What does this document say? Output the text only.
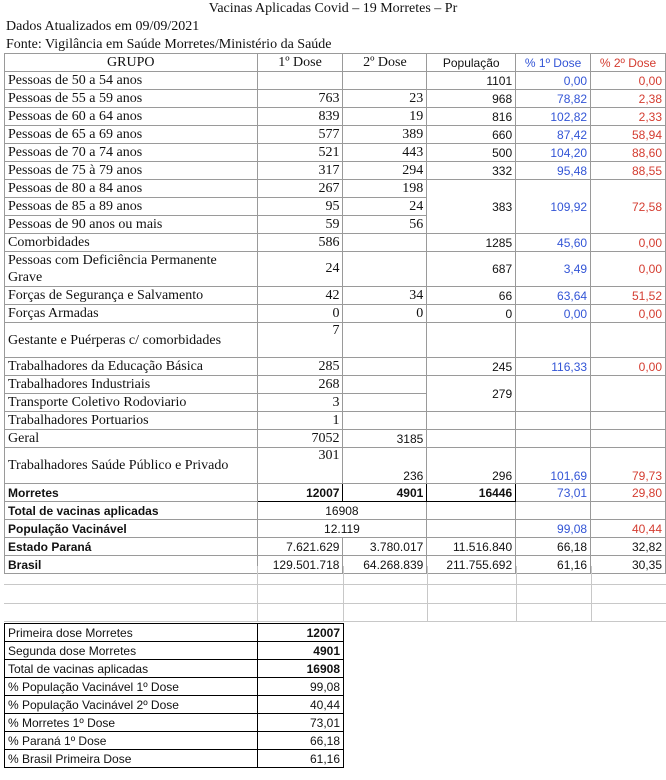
Vacinas Aplicadas Covid – 19 Morretes – Pr
Dados Atualizados em 09/09/2021
Fonte: Vigilância em Saúde Morretes/Ministério da Saúde
GRUPO	1º Dose	2º Dose	População	% 1º Dose	% 2º Dose
Pessoas de 50 a 54 anos			1101	0,00	0,00
Pessoas de 55 a 59 anos	763	23	968	78,82	2,38
Pessoas de 60 a 64 anos	839	19	816	102,82	2,33
Pessoas de 65 a 69 anos	577	389	660	87,42	58,94
Pessoas de 70 a 74 anos	521	443	500	104,20	88,60
Pessoas de 75 à 79 anos	317	294	332	95,48	88,55
Pessoas de 80 a 84 anos	267	198	383	109,92	72,58
Pessoas de 85 a 89 anos	95	24			
Pessoas de 90 anos ou mais	59	56			
Comorbidades	586		1285	45,60	0,00
Pessoas com Deficiência Permanente Grave	24		687	3,49	0,00
Forças de Segurança e Salvamento	42	34	66	63,64	51,52
Forças Armadas	0	0	0	0,00	0,00
Gestante e Puérperas c/ comorbidades	7				
Trabalhadores da Educação Básica	285		245	116,33	0,00
Trabalhadores Industriais	268		279		
Transporte Coletivo Rodoviario	3				
Trabalhadores Portuarios	1				
Geral	7052	3185			
Trabalhadores Saúde Público e Privado	301	236	296	101,69	79,73
Morretes	12007	4901	16446	73,01	29,80
Total de vacinas aplicadas	16908				
População Vacinável	12.119			99,08	40,44
Estado Paraná	7.621.629	3.780.017	11.516.840	66,18	32,82
Brasil	129.501.718	64.268.839	211.755.692	61,16	30,35
Primeira dose Morretes	12007
Segunda dose Morretes	4901
Total de vacinas aplicadas	16908
% População Vacinável 1º Dose	99,08
% População Vacinável 2º Dose	40,44
% Morretes 1º Dose	73,01
% Paraná 1º Dose	66,18
% Brasil Primeira Dose	61,16
